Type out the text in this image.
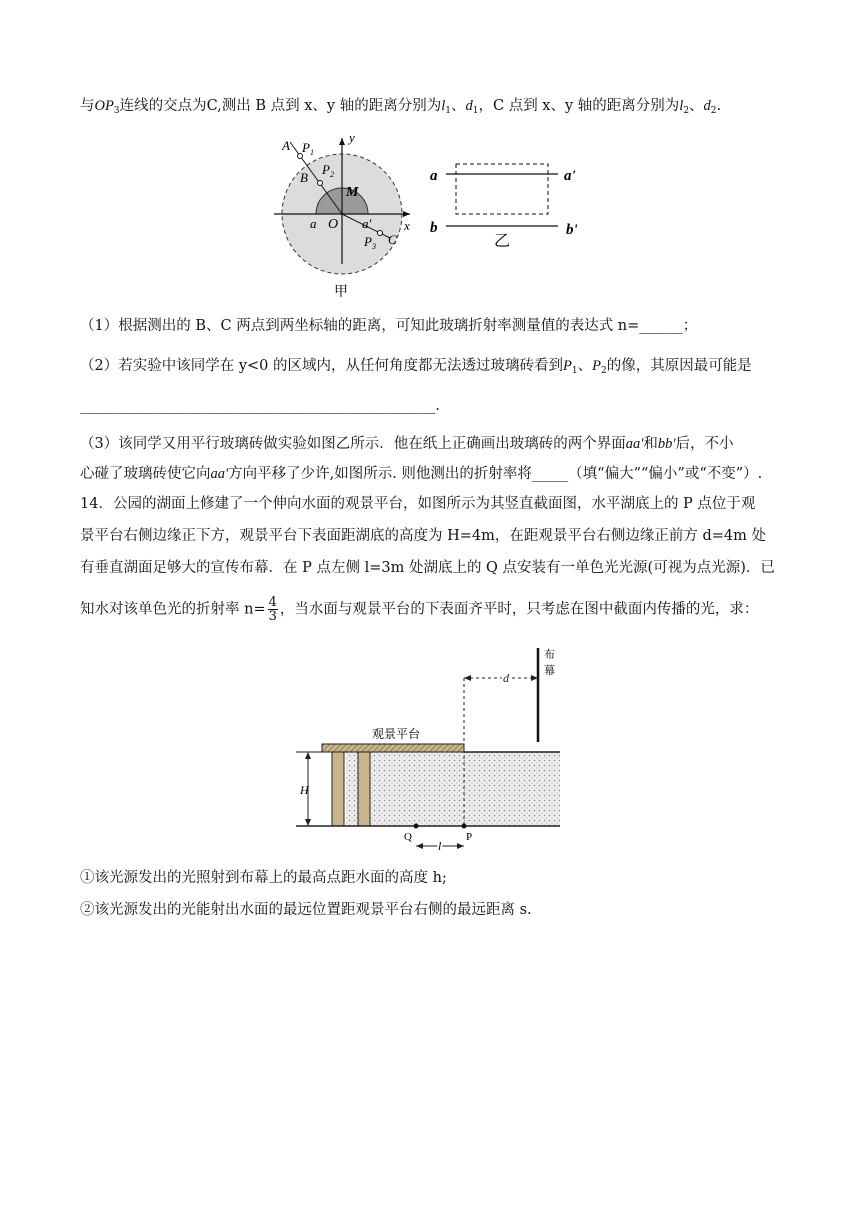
与$OP_3$连线的交点为C,测出 B 点到 x、y 轴的距离分别为$l_1$、$d_1$，C 点到 x、y 轴的距离分别为$l_2$、$d_2$.
A $P_1$
B
$P_2$
y
M
x
a O a'
$P_3$ C
甲
a	a'
b	b'
乙
（1）根据测出的 B、C 两点到两坐标轴的距离，可知此玻璃折射率测量值的表达式 n=______；
（2）若实验中该同学在 y<0 的区域内，从任何角度都无法透过玻璃砖看到$P_1$、$P_2$的像，其原因最可能是
_________________________________________________.
（3）该同学又用平行玻璃砖做实验如图乙所示．他在纸上正确画出玻璃砖的两个界面aa'和bb'后，不小
心碰了玻璃砖使它向aa'方向平移了少许,如图所示. 则他测出的折射率将_____（填“偏大”“偏小”或“不变”）.
14．公园的湖面上修建了一个伸向水面的观景平台，如图所示为其竖直截面图，水平湖底上的 P 点位于观
景平台右侧边缘正下方，观景平台下表面距湖底的高度为 H=4m，在距观景平台右侧边缘正前方 d=4m 处
有垂直湖面足够大的宣传布幕．在 P 点左侧 l=3m 处湖底上的 Q 点安装有一单色光光源(可视为点光源)．已
知水对该单色光的折射率 $n= \frac{4}{3}$ ，当水面与观景平台的下表面齐平时，只考虑在图中截面内传播的光，求：
H
观景平台
布
幕
d
Q	P
l
①该光源发出的光照射到布幕上的最高点距水面的高度 h;
②该光源发出的光能射出水面的最远位置距观景平台右侧的最远距离 s.
